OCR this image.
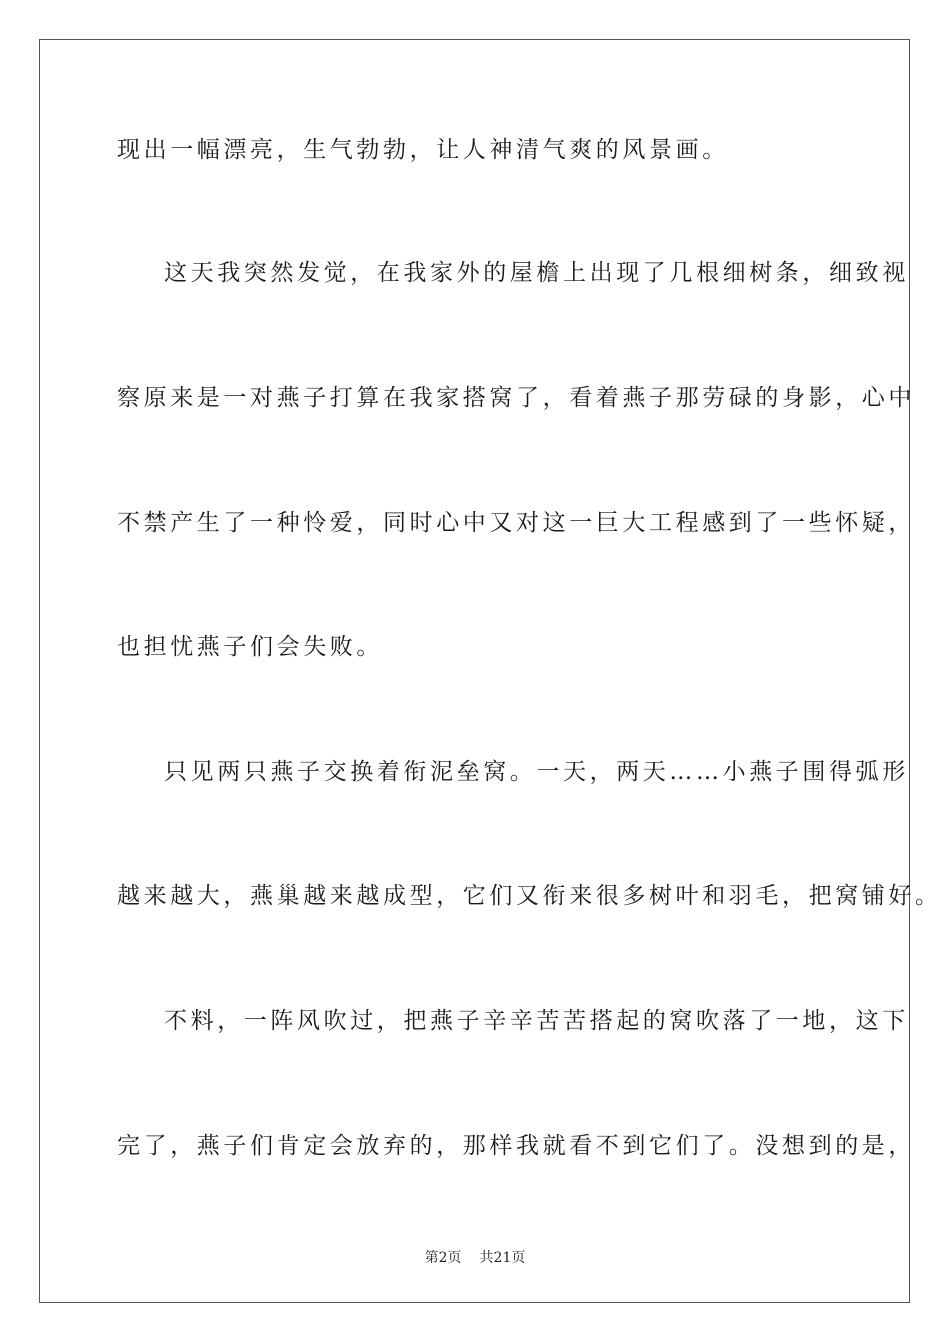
现出一幅漂亮，生气勃勃，让人神清气爽的风景画。
这天我突然发觉，在我家外的屋檐上出现了几根细树条，细致视
察原来是一对燕子打算在我家搭窝了，看着燕子那劳碌的身影，心中
不禁产生了一种怜爱，同时心中又对这一巨大工程感到了一些怀疑，
也担忧燕子们会失败。
只见两只燕子交换着衔泥垒窝。一天，两天……小燕子围得弧形
越来越大，燕巢越来越成型，它们又衔来很多树叶和羽毛，把窝铺好。
不料，一阵风吹过，把燕子辛辛苦苦搭起的窝吹落了一地，这下
完了，燕子们肯定会放弃的，那样我就看不到它们了。没想到的是，
第2页 共21页
